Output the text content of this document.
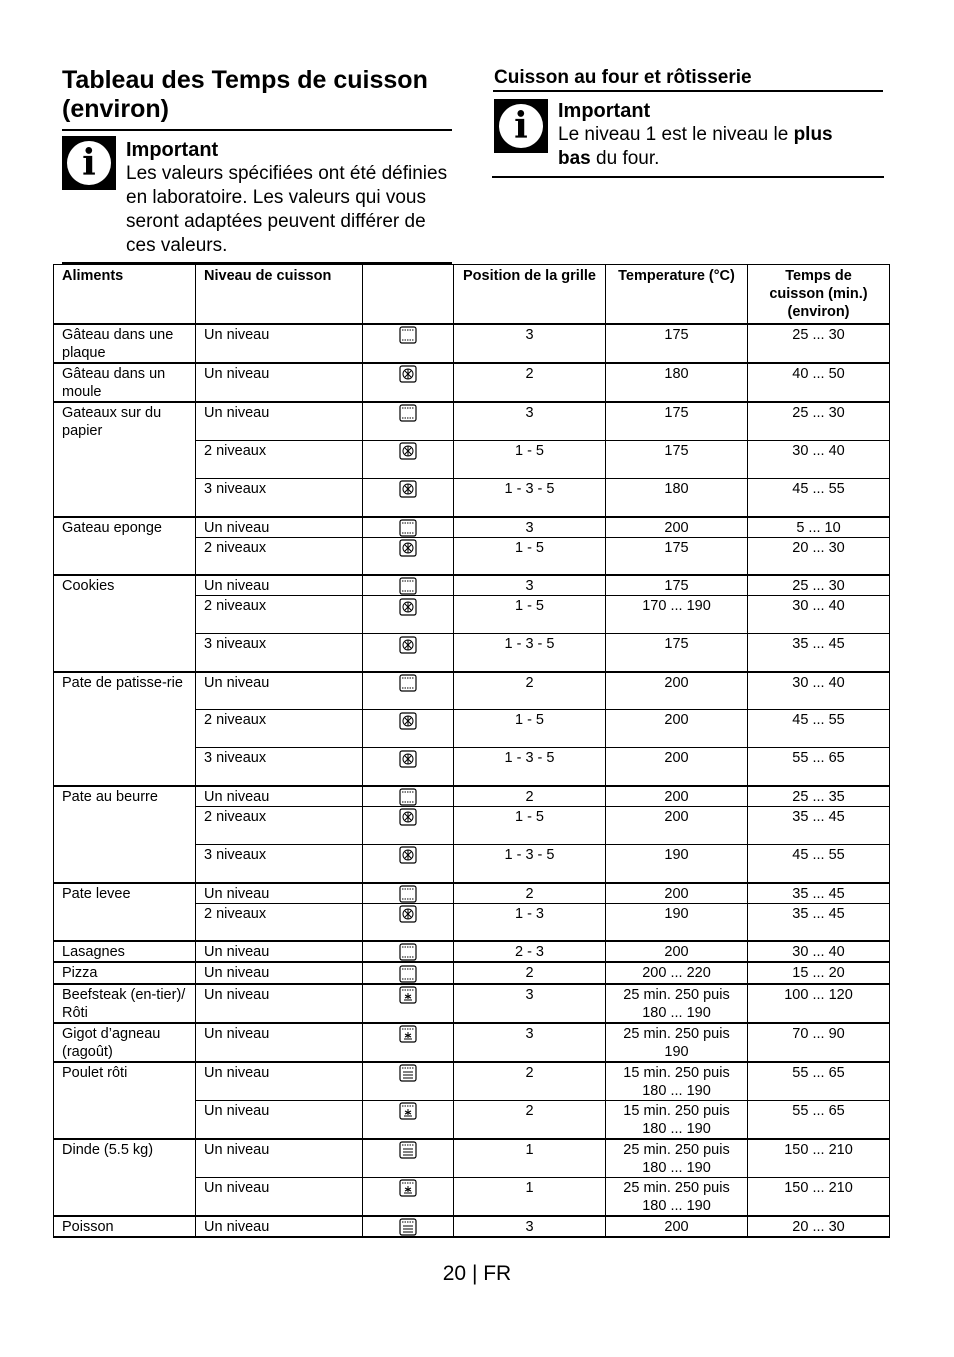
Tableau des Temps de cuisson (environ)
i	Important
Les valeurs spécifiées ont été définies en laboratoire. Les valeurs qui vous seront adaptées peuvent différer de ces valeurs.
Cuisson au four et rôtisserie
i	Important
Le niveau 1 est le niveau le plus
bas du four.
Aliments	Niveau de cuisson		Position de la grille	Temperature (°C)	Temps de cuisson (min.) (environ)
Gâteau dans une plaque	Un niveau		3	175	25 ... 30
Gâteau dans un moule	Un niveau		2	180	40 ... 50
Gateaux sur du papier	Un niveau		3	175	25 ... 30
	2 niveaux		1 - 5	175	30 ... 40
	3 niveaux		1 - 3 - 5	180	45 ... 55
Gateau eponge	Un niveau		3	200	5 ... 10
	2 niveaux		1 - 5	175	20 ... 30
Cookies	Un niveau		3	175	25 ... 30
	2 niveaux		1 - 5	170 ... 190	30 ... 40
	3 niveaux		1 - 3 - 5	175	35 ... 45
Pate de patisse-rie	Un niveau		2	200	30 ... 40
	2 niveaux		1 - 5	200	45 ... 55
	3 niveaux		1 - 3 - 5	200	55 ... 65
Pate au beurre	Un niveau		2	200	25 ... 35
	2 niveaux		1 - 5	200	35 ... 45
	3 niveaux		1 - 3 - 5	190	45 ... 55
Pate levee	Un niveau		2	200	35 ... 45
	2 niveaux		1 - 3	190	35 ... 45
Lasagnes	Un niveau		2 - 3	200	30 ... 40
Pizza	Un niveau		2	200 ... 220	15 ... 20
Beefsteak (en-tier)/ Rôti	Un niveau		3	25 min. 250 puis 180 ... 190	100 ... 120
Gigot d’agneau (ragoût)	Un niveau		3	25 min. 250 puis 190	70 ... 90
Poulet rôti	Un niveau		2	15 min. 250 puis 180 ... 190	55 ... 65
	Un niveau		2	15 min. 250 puis 180 ... 190	55 ... 65
Dinde (5.5 kg)	Un niveau		1	25 min. 250 puis 180 ... 190	150 ... 210
	Un niveau		1	25 min. 250 puis 180 ... 190	150 ... 210
Poisson	Un niveau		3	200	20 ... 30
20 | FR
